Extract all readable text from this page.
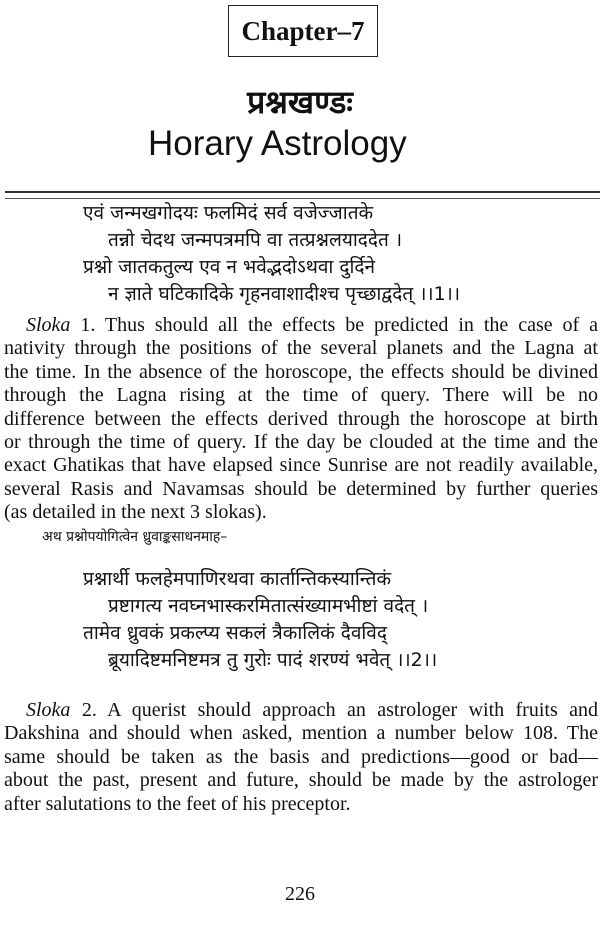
Chapter–7
प्रश्नखण्डः
Horary Astrology
एवं जन्मखगोदयः फलमिदं सर्व वजेज्जातके
तन्नो चेदथ जन्मपत्रमपि वा तत्प्रश्नलयाददेत ।
प्रश्नो जातकतुल्य एव न भवेद्भदोऽथवा दुर्दिने
न ज्ञाते घटिकादिके गृहनवाशादीश्च पृच्छाद्वदेत् ।।1।।
Sloka 1. Thus should all the effects be predicted in the case of a
nativity through the positions of the several planets and the Lagna at
the time. In the absence of the horoscope, the effects should be divined
through the Lagna rising at the time of query. There will be no
difference between the effects derived through the horoscope at birth
or through the time of query. If the day be clouded at the time and the
exact Ghatikas that have elapsed since Sunrise are not readily available,
several Rasis and Navamsas should be determined by further queries
(as detailed in the next 3 slokas).
अथ प्रश्नोपयोगित्वेन ध्रुवाङ्कसाधनमाह–
प्रश्नार्थी फलहेमपाणिरथवा कार्तान्तिकस्यान्तिकं
प्रष्टागत्य नवघ्नभास्करमितात्संख्यामभीष्टां वदेत् ।
तामेव ध्रुवकं प्रकल्प्य सकलं त्रैकालिकं दैवविद्
ब्रूयादिष्टमनिष्टमत्र तु गुरोः पादं शरण्यं भवेत् ।।2।।
Sloka 2. A querist should approach an astrologer with fruits and
Dakshina and should when asked, mention a number below 108. The
same should be taken as the basis and predictions—good or bad—
about the past, present and future, should be made by the astrologer
after salutations to the feet of his preceptor.
226
